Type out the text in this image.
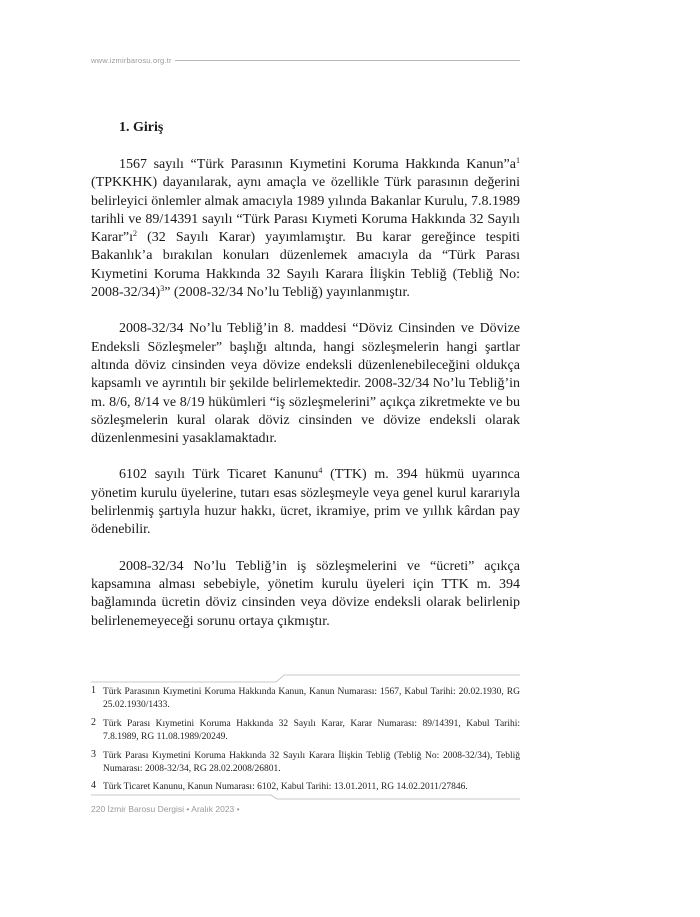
www.izmirbarosu.org.tr
1. Giriş

1567 sayılı “Türk Parasının Kıymetini Koruma Hakkında $Kanun”a^1$ (TPKKHK) dayanılarak, aynı amaçla ve özellikle Türk parasının değerini belirleyici önlemler almak amacıyla 1989 yılında Bakanlar Kurulu, 7.8.1989 tarihli ve 89/14391 sayılı “Türk Parası Kıymeti Koruma Hakkında 32 Sayılı $Karar”ı^2$ (32 Sayılı Karar) yayımlamıştır. Bu karar gereğince tespiti Bakanlık’a bırakılan konuları düzenlemek amacıyla da “Türk Parası Kıymetini Koruma Hakkında 32 Sayılı Karara İlişkin Tebliğ (Tebliğ No: 2008-32/34)$^3$” (2008-32/34 No’lu Tebliğ) yayınlanmıştır.

2008-32/34 No’lu Tebliğ’in 8. maddesi “Döviz Cinsinden ve Dövize Endeksli Sözleşmeler” başlığı altında, hangi sözleşmelerin hangi şartlar altında döviz cinsinden veya dövize endeksli düzenlenebileceğini oldukça kapsamlı ve ayrıntılı bir şekilde belirlemektedir. 2008-32/34 No’lu Tebliğ’in m. 8/6, 8/14 ve 8/19 hükümleri “iş sözleşmelerini” açıkça zikretmekte ve bu sözleşmelerin kural olarak döviz cinsinden ve dövize endeksli olarak düzenlenmesini yasaklamaktadır.

6102 sayılı Türk Ticaret Kanunu$^4$ (TTK) m. 394 hükmü uyarınca yönetim kurulu üyelerine, tutarı esas sözleşmeyle veya genel kurul kararıyla belirlenmiş şartıyla huzur hakkı, ücret, ikramiye, prim ve yıllık kârdan pay ödenebilir.

2008-32/34 No’lu Tebliğ’in iş sözleşmelerini ve “ücreti” açıkça kapsamına alması sebebiyle, yönetim kurulu üyeleri için TTK m. 394 bağlamında ücretin döviz cinsinden veya dövize endeksli olarak belirlenip belirlenemeyeceği sorunu ortaya çıkmıştır.

1 Türk Parasının Kıymetini Koruma Hakkında Kanun, Kanun Numarası: 1567, Kabul Tarihi: 20.02.1930, RG 25.02.1930/1433.
2 Türk Parası Kıymetini Koruma Hakkında 32 Sayılı Karar, Karar Numarası: 89/14391, Kabul Tarihi: 7.8.1989, RG 11.08.1989/20249.
3 Türk Parası Kıymetini Koruma Hakkında 32 Sayılı Karara İlişkin Tebliğ (Tebliğ No: 2008-32/34), Tebliğ Numarası: 2008-32/34, RG 28.02.2008/26801.
4 Türk Ticaret Kanunu, Kanun Numarası: 6102, Kabul Tarihi: 13.01.2011, RG 14.02.2011/27846.
220 İzmir Barosu Dergisi • Aralık 2023 •
